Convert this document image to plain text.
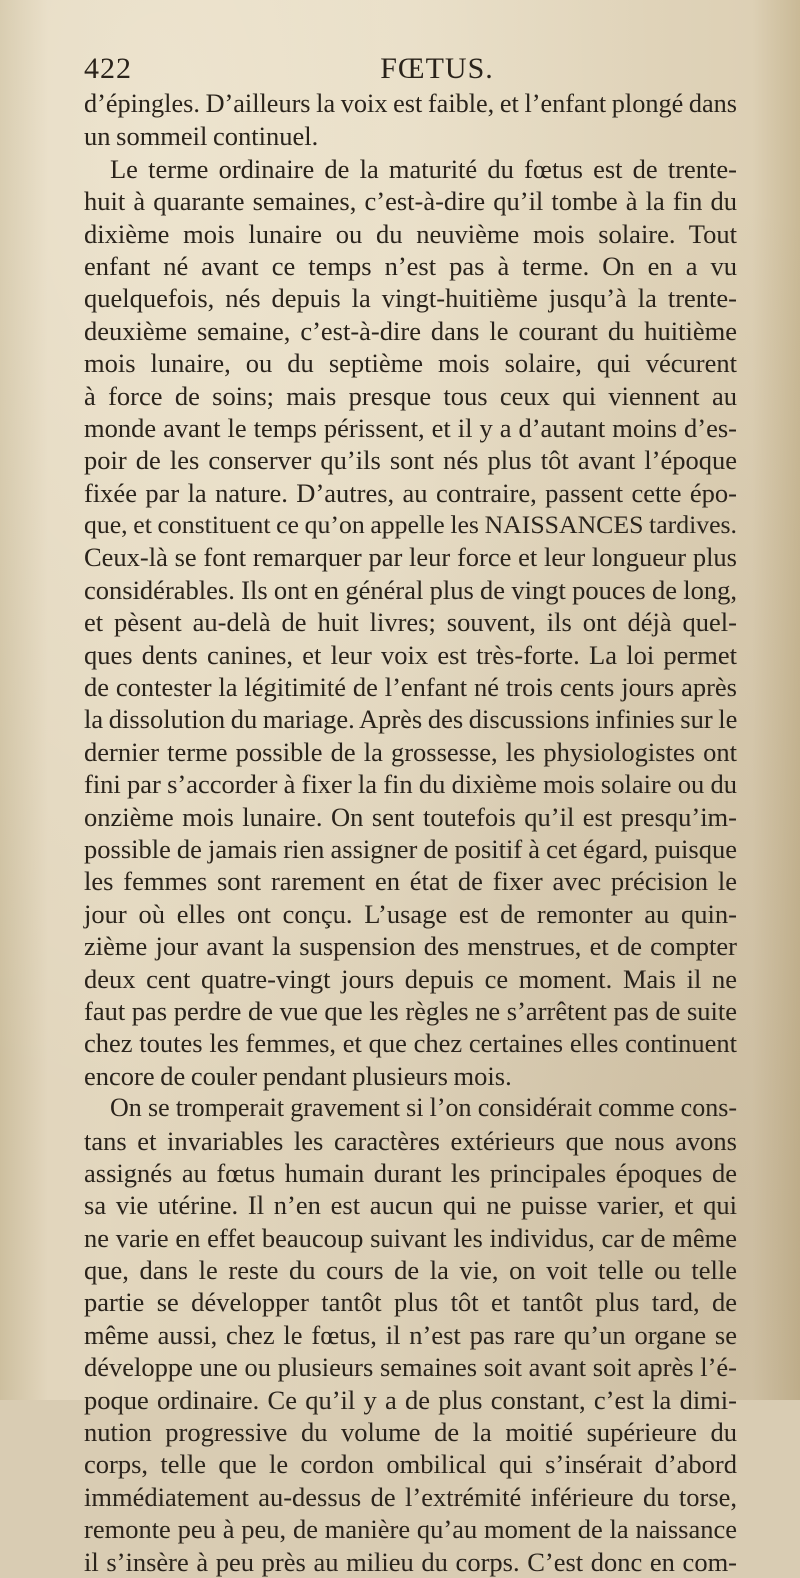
422	FŒTUS.
d’épingles. D’ailleurs la voix est faible, et l’enfant plongé dans
un sommeil continuel.
Le terme ordinaire de la maturité du fœtus est de trente-
huit à quarante semaines, c’est-à-dire qu’il tombe à la fin du
dixième mois lunaire ou du neuvième mois solaire. Tout
enfant né avant ce temps n’est pas à terme. On en a vu
quelquefois, nés depuis la vingt-huitième jusqu’à la trente-
deuxième semaine, c’est-à-dire dans le courant du huitième
mois lunaire, ou du septième mois solaire, qui vécurent
à force de soins; mais presque tous ceux qui viennent au
monde avant le temps périssent, et il y a d’autant moins d’es-
poir de les conserver qu’ils sont nés plus tôt avant l’époque
fixée par la nature. D’autres, au contraire, passent cette épo-
que, et constituent ce qu’on appelle les NAISSANCES tardives.
Ceux-là se font remarquer par leur force et leur longueur plus
considérables. Ils ont en général plus de vingt pouces de long,
et pèsent au-delà de huit livres; souvent, ils ont déjà quel-
ques dents canines, et leur voix est très-forte. La loi permet
de contester la légitimité de l’enfant né trois cents jours après
la dissolution du mariage. Après des discussions infinies sur le
dernier terme possible de la grossesse, les physiologistes ont
fini par s’accorder à fixer la fin du dixième mois solaire ou du
onzième mois lunaire. On sent toutefois qu’il est presqu’im-
possible de jamais rien assigner de positif à cet égard, puisque
les femmes sont rarement en état de fixer avec précision le
jour où elles ont conçu. L’usage est de remonter au quin-
zième jour avant la suspension des menstrues, et de compter
deux cent quatre-vingt jours depuis ce moment. Mais il ne
faut pas perdre de vue que les règles ne s’arrêtent pas de suite
chez toutes les femmes, et que chez certaines elles continuent
encore de couler pendant plusieurs mois.
On se tromperait gravement si l’on considérait comme cons-
tans et invariables les caractères extérieurs que nous avons
assignés au fœtus humain durant les principales époques de
sa vie utérine. Il n’en est aucun qui ne puisse varier, et qui
ne varie en effet beaucoup suivant les individus, car de même
que, dans le reste du cours de la vie, on voit telle ou telle
partie se développer tantôt plus tôt et tantôt plus tard, de
même aussi, chez le fœtus, il n’est pas rare qu’un organe se
développe une ou plusieurs semaines soit avant soit après l’é-
poque ordinaire. Ce qu’il y a de plus constant, c’est la dimi-
nution progressive du volume de la moitié supérieure du
corps, telle que le cordon ombilical qui s’insérait d’abord
immédiatement au-dessus de l’extrémité inférieure du torse,
remonte peu à peu, de manière qu’au moment de la naissance
il s’insère à peu près au milieu du corps. C’est donc en com-
